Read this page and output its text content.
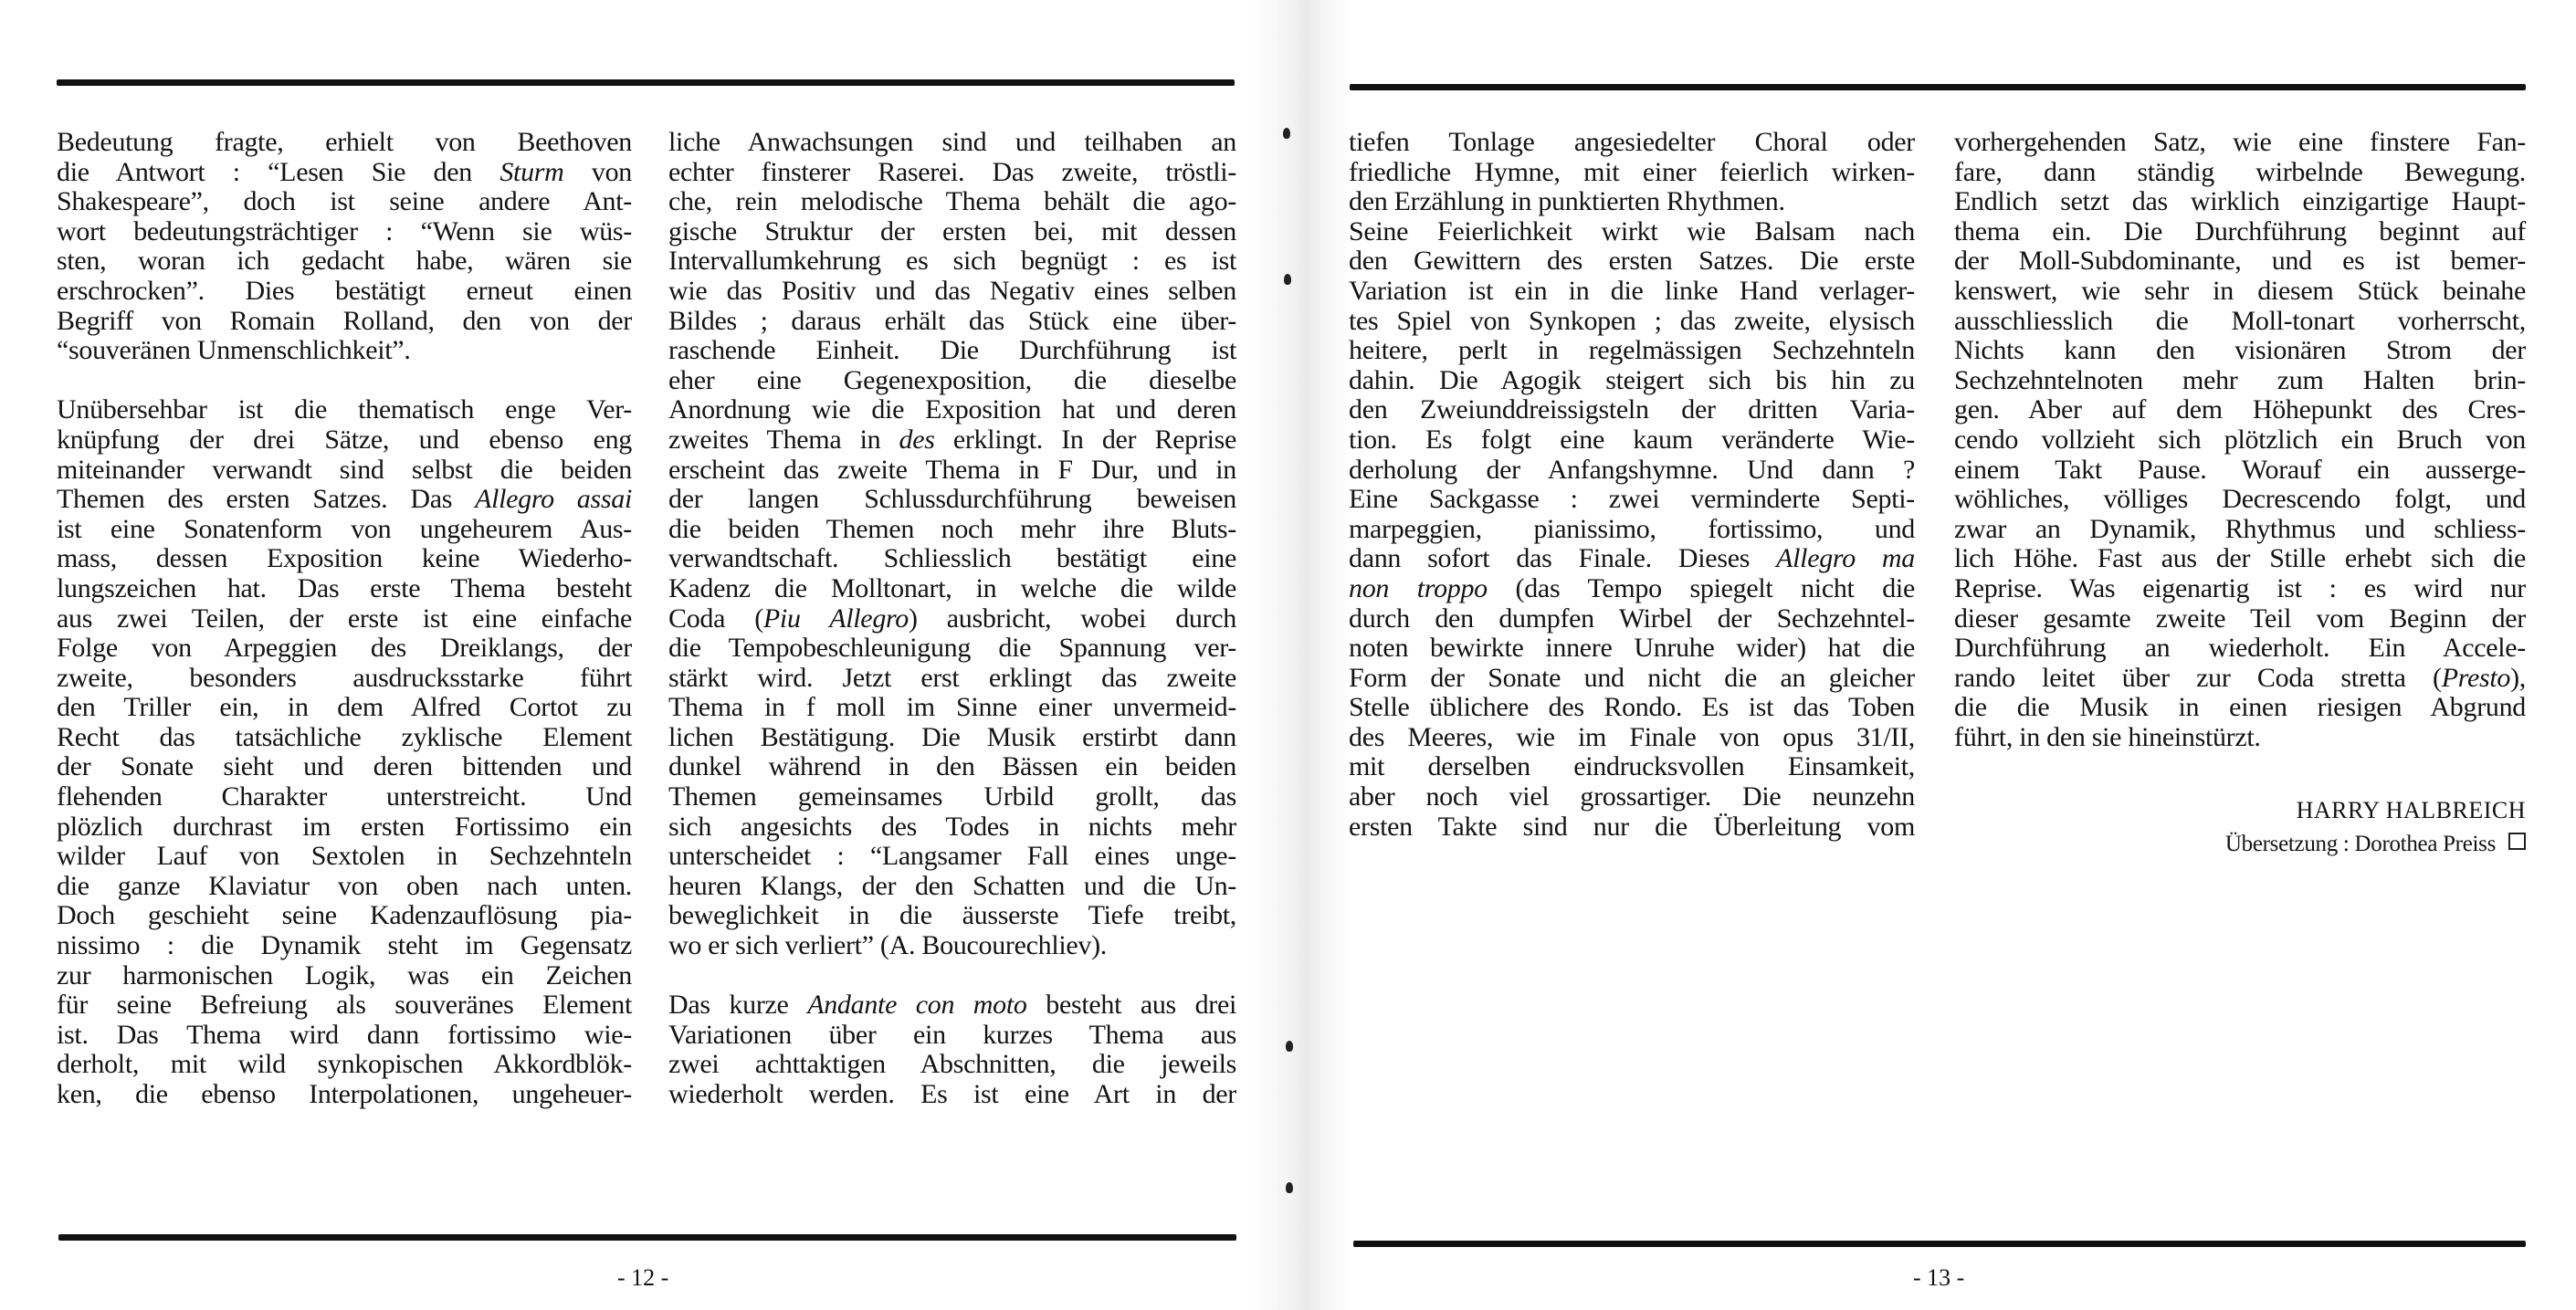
Bedeutung fragte, erhielt von Beethoven
die Antwort : “Lesen Sie den Sturm von
Shakespeare”, doch ist seine andere Ant-
wort bedeutungsträchtiger : “Wenn sie wüs-
sten, woran ich gedacht habe, wären sie
erschrocken”. Dies bestätigt erneut einen
Begriff von Romain Rolland, den von der
“souveränen Unmenschlichkeit”.

Unübersehbar ist die thematisch enge Ver-
knüpfung der drei Sätze, und ebenso eng
miteinander verwandt sind selbst die beiden
Themen des ersten Satzes. Das Allegro assai
ist eine Sonatenform von ungeheurem Aus-
mass, dessen Exposition keine Wiederho-
lungszeichen hat. Das erste Thema besteht
aus zwei Teilen, der erste ist eine einfache
Folge von Arpeggien des Dreiklangs, der
zweite, besonders ausdrucksstarke führt
den Triller ein, in dem Alfred Cortot zu
Recht das tatsächliche zyklische Element
der Sonate sieht und deren bittenden und
flehenden Charakter unterstreicht. Und
plözlich durchrast im ersten Fortissimo ein
wilder Lauf von Sextolen in Sechzehnteln
die ganze Klaviatur von oben nach unten.
Doch geschieht seine Kadenzauflösung pia-
nissimo : die Dynamik steht im Gegensatz
zur harmonischen Logik, was ein Zeichen
für seine Befreiung als souveränes Element
ist. Das Thema wird dann fortissimo wie-
derholt, mit wild synkopischen Akkordblök-
ken, die ebenso Interpolationen, ungeheuer-

liche Anwachsungen sind und teilhaben an
echter finsterer Raserei. Das zweite, tröstli-
che, rein melodische Thema behält die ago-
gische Struktur der ersten bei, mit dessen
Intervallumkehrung es sich begnügt : es ist
wie das Positiv und das Negativ eines selben
Bildes ; daraus erhält das Stück eine über-
raschende Einheit. Die Durchführung ist
eher eine Gegenexposition, die dieselbe
Anordnung wie die Exposition hat und deren
zweites Thema in des erklingt. In der Reprise
erscheint das zweite Thema in F Dur, und in
der langen Schlussdurchführung beweisen
die beiden Themen noch mehr ihre Bluts-
verwandtschaft. Schliesslich bestätigt eine
Kadenz die Molltonart, in welche die wilde
Coda (Piu Allegro) ausbricht, wobei durch
die Tempobeschleunigung die Spannung ver-
stärkt wird. Jetzt erst erklingt das zweite
Thema in f moll im Sinne einer unvermeid-
lichen Bestätigung. Die Musik erstirbt dann
dunkel während in den Bässen ein beiden
Themen gemeinsames Urbild grollt, das
sich angesichts des Todes in nichts mehr
unterscheidet : “Langsamer Fall eines unge-
heuren Klangs, der den Schatten und die Un-
beweglichkeit in die äusserste Tiefe treibt,
wo er sich verliert” (A. Boucourechliev).

Das kurze Andante con moto besteht aus drei
Variationen über ein kurzes Thema aus
zwei achttaktigen Abschnitten, die jeweils
wiederholt werden. Es ist eine Art in der

- 12 -

tiefen Tonlage angesiedelter Choral oder
friedliche Hymne, mit einer feierlich wirken-
den Erzählung in punktierten Rhythmen.
Seine Feierlichkeit wirkt wie Balsam nach
den Gewittern des ersten Satzes. Die erste
Variation ist ein in die linke Hand verlager-
tes Spiel von Synkopen ; das zweite, elysisch
heitere, perlt in regelmässigen Sechzehnteln
dahin. Die Agogik steigert sich bis hin zu
den Zweiunddreissigsteln der dritten Varia-
tion. Es folgt eine kaum veränderte Wie-
derholung der Anfangshymne. Und dann ?
Eine Sackgasse : zwei verminderte Septi-
marpeggien, pianissimo, fortissimo, und
dann sofort das Finale. Dieses Allegro ma
non troppo (das Tempo spiegelt nicht die
durch den dumpfen Wirbel der Sechzehntel-
noten bewirkte innere Unruhe wider) hat die
Form der Sonate und nicht die an gleicher
Stelle üblichere des Rondo. Es ist das Toben
des Meeres, wie im Finale von opus 31/II,
mit derselben eindrucksvollen Einsamkeit,
aber noch viel grossartiger. Die neunzehn
ersten Takte sind nur die Überleitung vom

vorhergehenden Satz, wie eine finstere Fan-
fare, dann ständig wirbelnde Bewegung.
Endlich setzt das wirklich einzigartige Haupt-
thema ein. Die Durchführung beginnt auf
der Moll-Subdominante, und es ist bemer-
kenswert, wie sehr in diesem Stück beinahe
ausschliesslich die Moll-tonart vorherrscht,
Nichts kann den visionären Strom der
Sechzehntelnoten mehr zum Halten brin-
gen. Aber auf dem Höhepunkt des Cres-
cendo vollzieht sich plötzlich ein Bruch von
einem Takt Pause. Worauf ein ausserge-
wöhliches, völliges Decrescendo folgt, und
zwar an Dynamik, Rhythmus und schliess-
lich Höhe. Fast aus der Stille erhebt sich die
Reprise. Was eigenartig ist : es wird nur
dieser gesamte zweite Teil vom Beginn der
Durchführung an wiederholt. Ein Accele-
rando leitet über zur Coda stretta (Presto),
die die Musik in einen riesigen Abgrund
führt, in den sie hineinstürzt.

HARRY HALBREICH
Übersetzung : Dorothea Preiss
- 13 -
